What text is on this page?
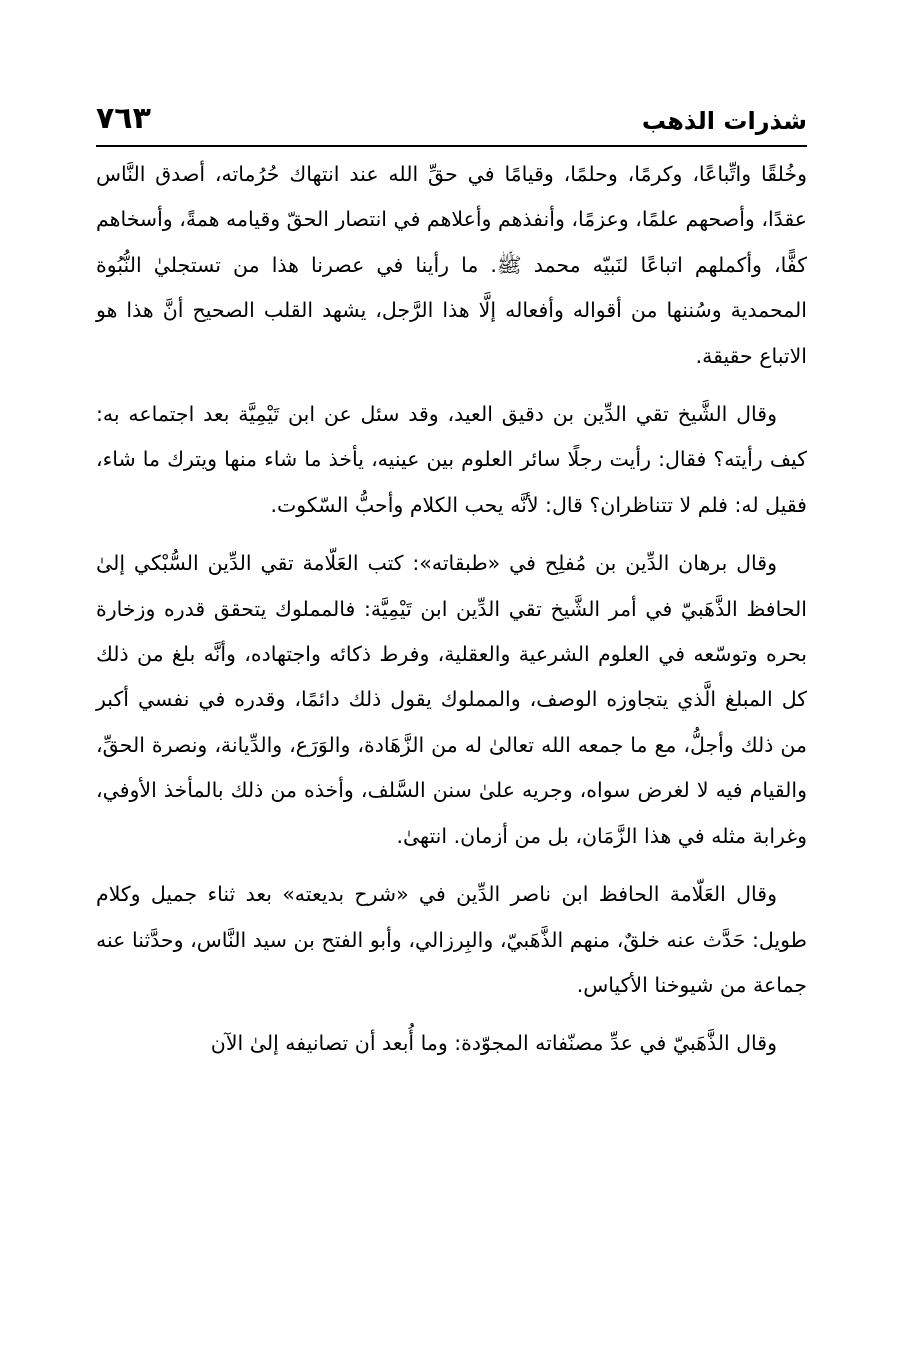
شذرات الذهب
٧٦٣

وخُلقًا واتِّباعًا، وكرمًا، وحلمًا، وقيامًا في حقِّ الله عند انتهاك حُرُماته، أصدق النَّاس عقدًا، وأصحهم علمًا، وعزمًا، وأنفذهم وأعلاهم في انتصار الحقّ وقيامه همةً، وأسخاهم كفًّا، وأكملهم اتباعًا لنَبيّه محمد ﷺ. ما رأينا في عصرنا هذا من تستجليٰ النُّبُوة المحمدية وسُننها من أقواله وأفعاله إلَّا هذا الرَّجل، يشهد القلب الصحيح أنَّ هذا هو الاتباع حقيقة.

وقال الشَّيخ تقي الدِّين بن دقيق العيد، وقد سئل عن ابن تَيْمِيَّة بعد اجتماعه به: كيف رأيته؟ فقال: رأيت رجلًا سائر العلوم بين عينيه، يأخذ ما شاء منها ويترك ما شاء، فقيل له: فلم لا تتناظران؟ قال: لأنَّه يحب الكلام وأحبُّ السّكوت.

وقال برهان الدِّين بن مُفلِح في «طبقاته»: كتب العَلّامة تقي الدِّين السُّبْكي إلىٰ الحافظ الذَّهَبيّ في أمر الشَّيخ تقي الدِّين ابن تَيْمِيَّة: فالمملوك يتحقق قدره وزخارة بحره وتوسّعه في العلوم الشرعية والعقلية، وفرط ذكائه واجتهاده، وأنَّه بلغ من ذلك كل المبلغ الَّذي يتجاوزه الوصف، والمملوك يقول ذلك دائمًا، وقدره في نفسي أكبر من ذلك وأجلُّ، مع ما جمعه الله تعالىٰ له من الزَّهَادة، والوَرَع، والدِّيانة، ونصرة الحقِّ، والقيام فيه لا لغرض سواه، وجريه علىٰ سنن السَّلف، وأخذه من ذلك بالمأخذ الأوفي، وغرابة مثله في هذا الزَّمَان، بل من أزمان. انتهىٰ.

وقال العَلّامة الحافظ ابن ناصر الدِّين في «شرح بديعته» بعد ثناء جميل وكلام طويل: حَدَّث عنه خلقٌ، منهم الذَّهَبيّ، والبِرزالي، وأبو الفتح بن سيد النَّاس، وحدَّثنا عنه جماعة من شيوخنا الأكياس.

وقال الذَّهَبيّ في عدِّ مصنّفاته المجوّدة: وما أُبعد أن تصانيفه إلىٰ الآن
